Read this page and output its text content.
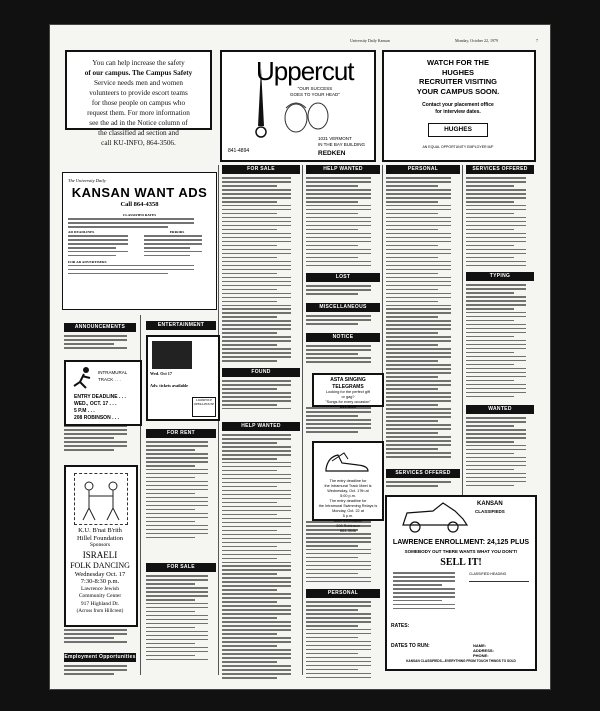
University Daily Kansan	Monday, October 22, 1979	7
You can help increase the safety
of our campus. The Campus Safety
Service needs men and women
volunteers to provide escort teams
for those people on campus who
request them. For more information
see the ad in the Notice column of
the classified ad section and
call KU-INFO, 864-3506.
Uppercut
"OUR SUCCESS
GOES TO YOUR HEAD"
1031 VERMONT
IN THE BAY BUILDING
REDKEN
841-4894
WATCH FOR THE
HUGHES
RECRUITER VISITING
YOUR CAMPUS SOON.
Contact your placement office
for interview dates.
HUGHES
AN EQUAL OPPORTUNITY EMPLOYER M/F
The University Daily
KANSAN WANT ADS
Call 864-4358
CLASSIFIED RATES
AD DEADLINES	ERRORS
FOR AD ADVERTISERS
ANNOUNCEMENTS	ENTERTAINMENT
FOR RENT
FOR SALE
Employment Opportunities
FOR SALE
FOUND
HELP WANTED
HELP WANTED
LOST
MISCELLANEOUS
NOTICE
PERSONAL
PERSONAL	SERVICES OFFERED
TYPING
WANTED
SERVICES OFFERED
INTRAMURAL
TRACK . . .
ENTRY DEADLINE . . .
WED., OCT. 17 . . .
5 P.M . . .
208 ROBINSON . . .
Wed. Oct 17
Adv. tickets available
LAWRENCE OPERA HOUSE
K.U. B'nai B'rith
Hillel Foundation
Sponsors
ISRAELI
FOLK DANCING
Wednesday Oct. 17
7:30-8:30 p.m.
Lawrence Jewish
Community Center
917 Highland Dr.
(Across from Hillcrest)
ASTA SINGING TELEGRAMS
Looking for the perfect gift
or gag?
"Songs for every occasion"
841-8515
The entry deadline for
the Intramural Track Meet is
Wednesday, Oct. 17th at
5:00 p.m.
The entry deadline for
the Intramural Swimming Relays is
Monday, Oct. 22 at
5 p.m.
More information
208 Robinson
864-3546
KANSAN
CLASSIFIEDS
LAWRENCE ENROLLMENT: 24,125 PLUS
SOMEBODY OUT THERE WANTS WHAT YOU DON'T!
SELL IT!
CLASSIFIED HEADING
RATES:
DATES TO RUN:	NAME:
ADDRESS:
PHONE:
KANSAN CLASSIFIEDS—EVERYTHING FROM TOUCH THINGS TO SOLD
